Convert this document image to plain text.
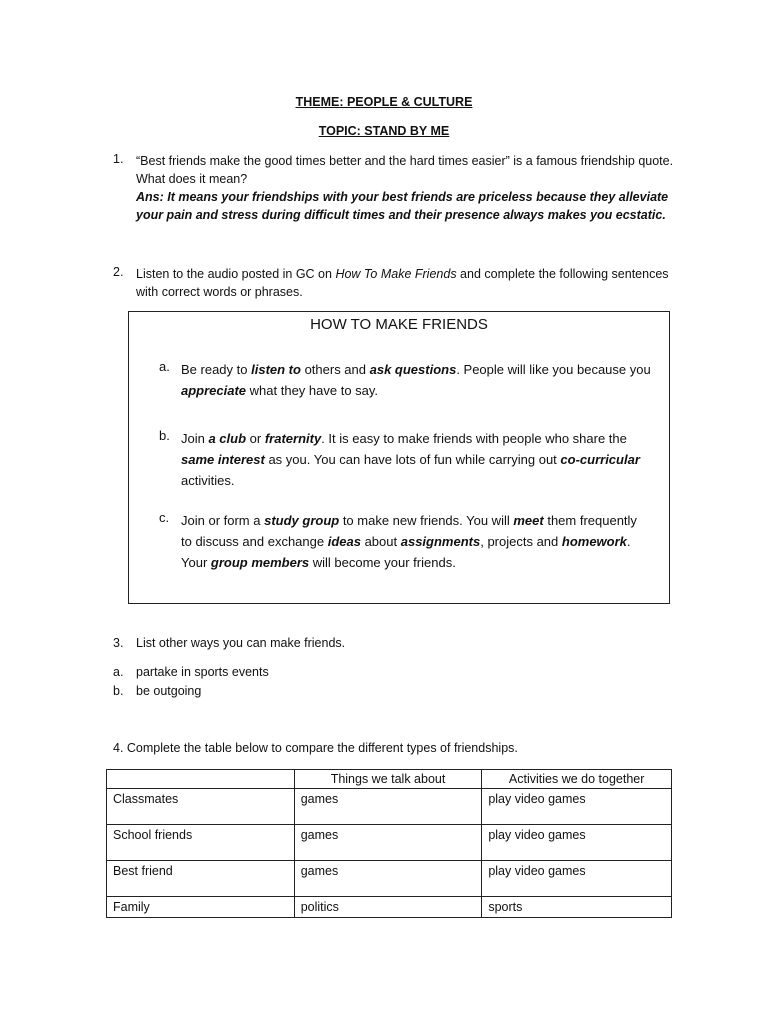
THEME: PEOPLE & CULTURE
TOPIC: STAND BY ME
1. “Best friends make the good times better and the hard times easier” is a famous friendship quote. What does it mean?
Ans: It means your friendships with your best friends are priceless because they alleviate your pain and stress during difficult times and their presence always makes you ecstatic.
2. Listen to the audio posted in GC on How To Make Friends and complete the following sentences with correct words or phrases.
HOW TO MAKE FRIENDS
a. Be ready to listen to others and ask questions. People will like you because you appreciate what they have to say.
b. Join a club or fraternity. It is easy to make friends with people who share the same interest as you. You can have lots of fun while carrying out co-curricular activities.
c. Join or form a study group to make new friends. You will meet them frequently to discuss and exchange ideas about assignments, projects and homework. Your group members will become your friends.
3. List other ways you can make friends.
a. partake in sports events
b. be outgoing
4. Complete the table below to compare the different types of friendships.
	Things we talk about	Activities we do together
Classmates	games	play video games
School friends	games	play video games
Best friend	games	play video games
Family	politics	sports
